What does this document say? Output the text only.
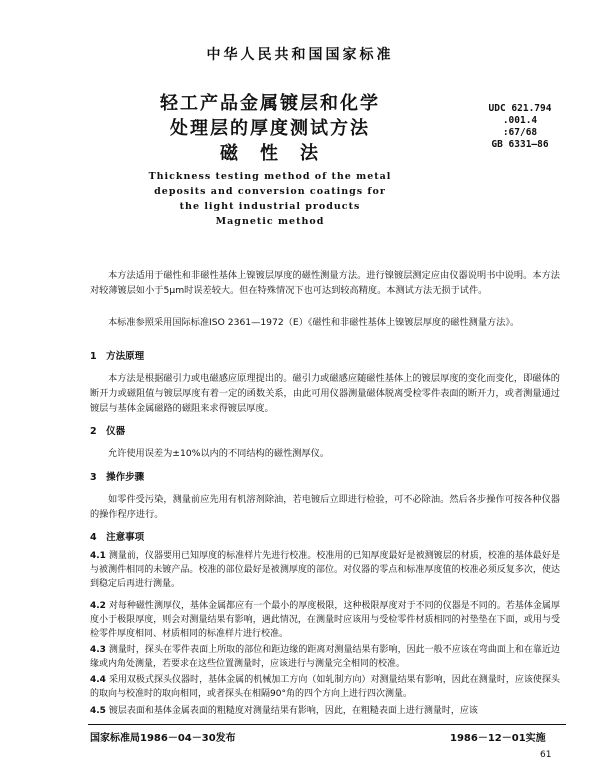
中华人民共和国国家标准
轻工产品金属镀层和化学
处理层的厚度测试方法
磁　性　法
UDC 621.794
.001.4
:67/68
GB 6331—86
Thickness testing method of the metal
deposits and conversion coatings for
the light industrial products
Magnetic method
本方法适用于磁性和非磁性基体上镍镀层厚度的磁性测量方法。进行镍镀层测定应由仪器说明书中说明。本方法对较薄镀层如小于5μm时误差较大。但在特殊情况下也可达到较高精度。本测试方法无损于试件。
本标准参照采用国际标准ISO 2361—1972（E）《磁性和非磁性基体上镍镀层厚度的磁性测量方法》。
1　方法原理
本方法是根据磁引力或电磁感应原理提出的。磁引力或磁感应随磁性基体上的镀层厚度的变化而变化，即磁体的断开力或磁阻值与镀层厚度有着一定的函数关系，由此可用仪器测量磁体脱离受检零件表面的断开力，或者测量通过镀层与基体金属磁路的磁阻来求得镀层厚度。
2　仪器
允许使用误差为±10%以内的不同结构的磁性测厚仪。
3　操作步骤
如零件受污染，测量前应先用有机溶剂除油，若电镀后立即进行检验，可不必除油。然后各步操作可按各种仪器的操作程序进行。
4　注意事项
4.1 测量前，仪器要用已知厚度的标准样片先进行校准。校准用的已知厚度最好是被测镀层的材质，校准的基体最好是与被测件相同的未镀产品。校准的部位最好是被测厚度的部位。对仪器的零点和标准厚度值的校准必须反复多次，使达到稳定后再进行测量。
4.2 对每种磁性测厚仪，基体金属都应有一个最小的厚度极限，这种极限厚度对于不同的仪器是不同的。若基体金属厚度小于极限厚度，则会对测量结果有影响，遇此情况，在测量时应该用与受检零件材质相同的衬垫垫在下面，或用与受检零件厚度相同、材质相同的标准样片进行校准。
4.3 测量时，探头在零件表面上所取的部位和距边缘的距离对测量结果有影响，因此一般不应该在弯曲面上和在靠近边缘或内角处测量，若要求在这些位置测量时，应该进行与测量完全相同的校准。
4.4 采用双极式探头仪器时，基体金属的机械加工方向（如轧制方向）对测量结果有影响，因此在测量时，应该使探头的取向与校准时的取向相同，或者探头在相隔90°角的四个方向上进行四次测量。
4.5 镀层表面和基体金属表面的粗糙度对测量结果有影响，因此，在粗糙表面上进行测量时，应该
国家标准局1986－04－30发布	1986－12－01实施
61
